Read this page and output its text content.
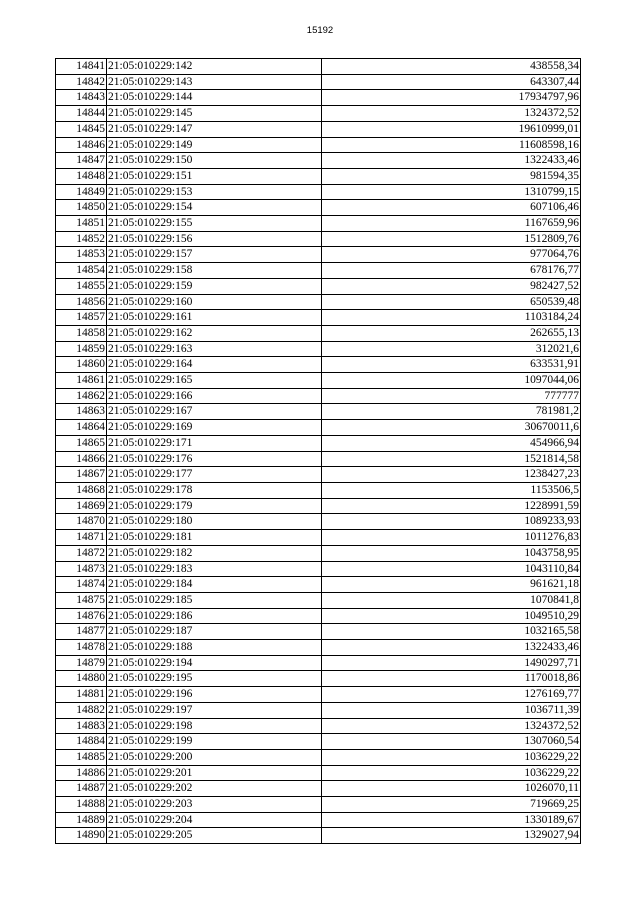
15192
14841	21:05:010229:142	438558,34
14842	21:05:010229:143	643307,44
14843	21:05:010229:144	17934797,96
14844	21:05:010229:145	1324372,52
14845	21:05:010229:147	19610999,01
14846	21:05:010229:149	11608598,16
14847	21:05:010229:150	1322433,46
14848	21:05:010229:151	981594,35
14849	21:05:010229:153	1310799,15
14850	21:05:010229:154	607106,46
14851	21:05:010229:155	1167659,96
14852	21:05:010229:156	1512809,76
14853	21:05:010229:157	977064,76
14854	21:05:010229:158	678176,77
14855	21:05:010229:159	982427,52
14856	21:05:010229:160	650539,48
14857	21:05:010229:161	1103184,24
14858	21:05:010229:162	262655,13
14859	21:05:010229:163	312021,6
14860	21:05:010229:164	633531,91
14861	21:05:010229:165	1097044,06
14862	21:05:010229:166	777777
14863	21:05:010229:167	781981,2
14864	21:05:010229:169	30670011,6
14865	21:05:010229:171	454966,94
14866	21:05:010229:176	1521814,58
14867	21:05:010229:177	1238427,23
14868	21:05:010229:178	1153506,5
14869	21:05:010229:179	1228991,59
14870	21:05:010229:180	1089233,93
14871	21:05:010229:181	1011276,83
14872	21:05:010229:182	1043758,95
14873	21:05:010229:183	1043110,84
14874	21:05:010229:184	961621,18
14875	21:05:010229:185	1070841,8
14876	21:05:010229:186	1049510,29
14877	21:05:010229:187	1032165,58
14878	21:05:010229:188	1322433,46
14879	21:05:010229:194	1490297,71
14880	21:05:010229:195	1170018,86
14881	21:05:010229:196	1276169,77
14882	21:05:010229:197	1036711,39
14883	21:05:010229:198	1324372,52
14884	21:05:010229:199	1307060,54
14885	21:05:010229:200	1036229,22
14886	21:05:010229:201	1036229,22
14887	21:05:010229:202	1026070,11
14888	21:05:010229:203	719669,25
14889	21:05:010229:204	1330189,67
14890	21:05:010229:205	1329027,94
